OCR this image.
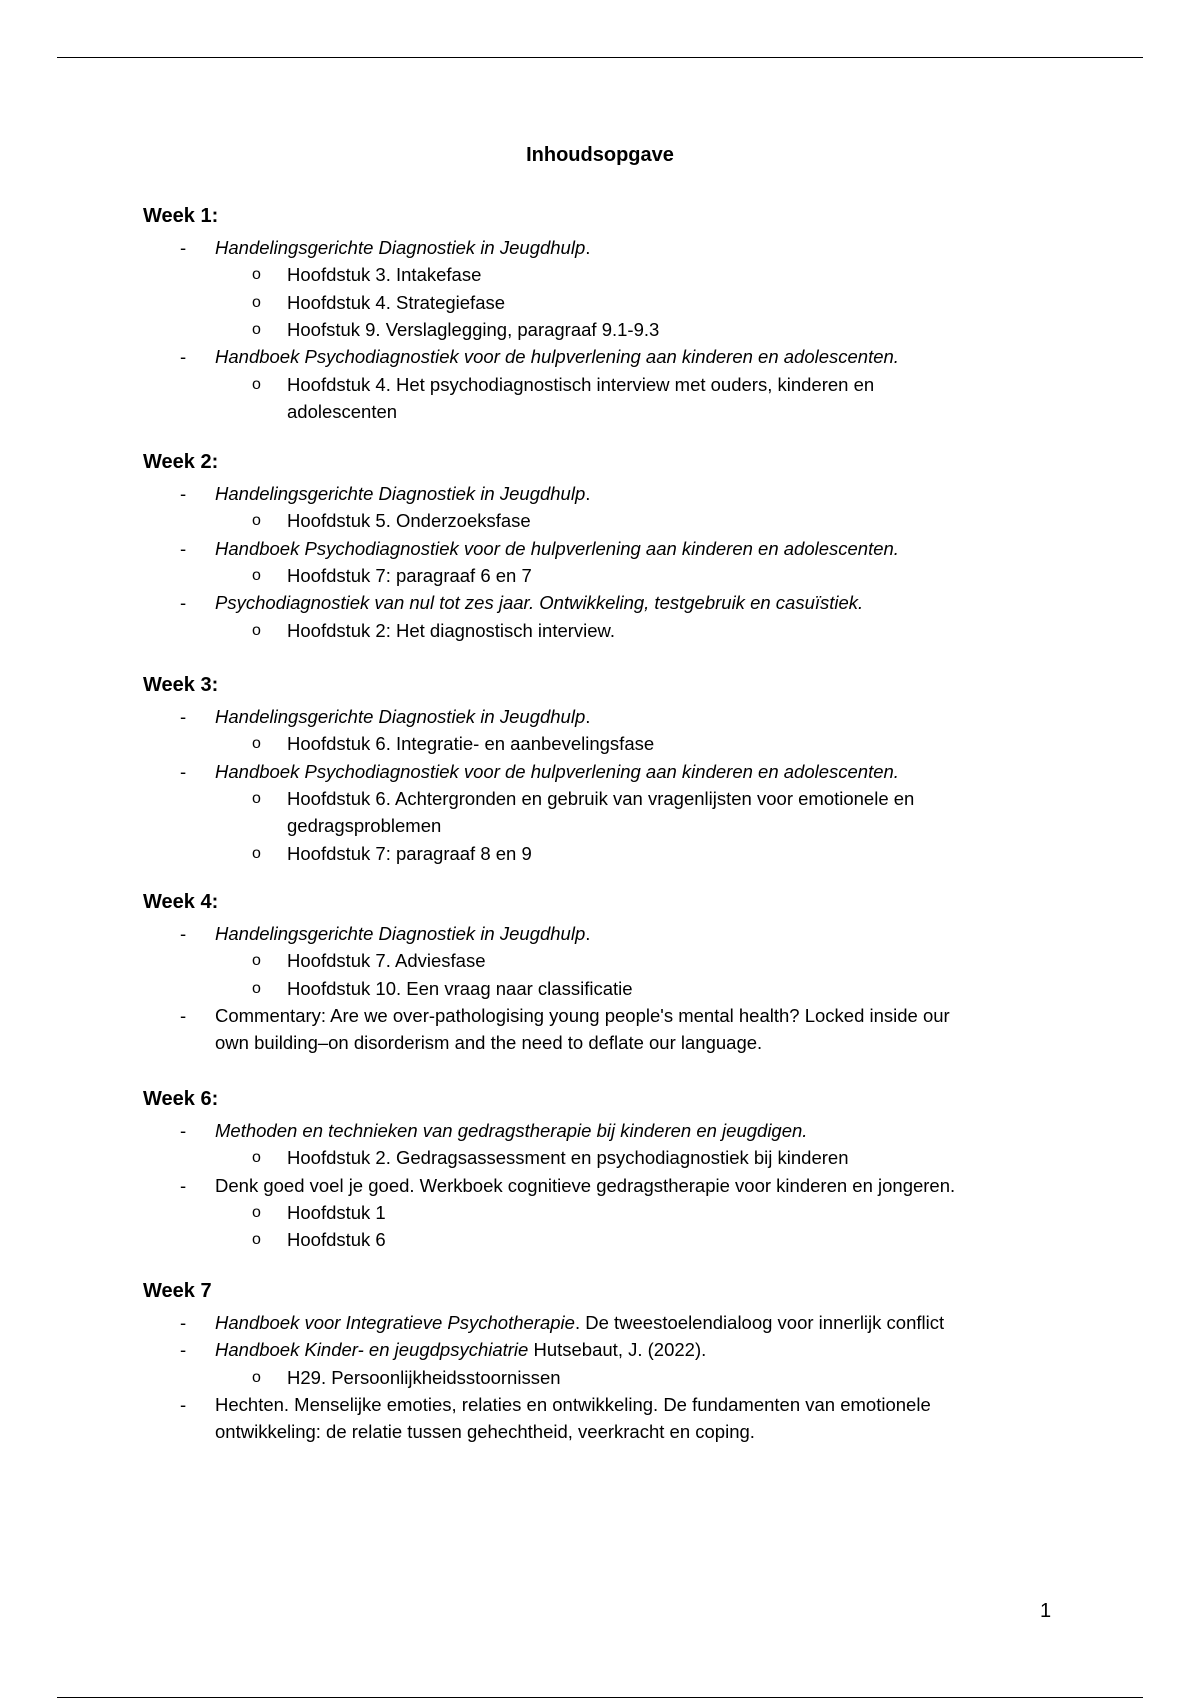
Inhoudsopgave
Week 1:
- Handelingsgerichte Diagnostiek in Jeugdhulp.
o Hoofdstuk 3. Intakefase
o Hoofdstuk 4. Strategiefase
o Hoofstuk 9. Verslaglegging, paragraaf 9.1-9.3
- Handboek Psychodiagnostiek voor de hulpverlening aan kinderen en adolescenten.
o Hoofdstuk 4. Het psychodiagnostisch interview met ouders, kinderen en
adolescenten
Week 2:
- Handelingsgerichte Diagnostiek in Jeugdhulp.
o Hoofdstuk 5. Onderzoeksfase
- Handboek Psychodiagnostiek voor de hulpverlening aan kinderen en adolescenten.
o Hoofdstuk 7: paragraaf 6 en 7
- Psychodiagnostiek van nul tot zes jaar. Ontwikkeling, testgebruik en casuïstiek.
o Hoofdstuk 2: Het diagnostisch interview.
Week 3:
- Handelingsgerichte Diagnostiek in Jeugdhulp.
o Hoofdstuk 6. Integratie- en aanbevelingsfase
- Handboek Psychodiagnostiek voor de hulpverlening aan kinderen en adolescenten.
o Hoofdstuk 6. Achtergronden en gebruik van vragenlijsten voor emotionele en
gedragsproblemen
o Hoofdstuk 7: paragraaf 8 en 9
Week 4:
- Handelingsgerichte Diagnostiek in Jeugdhulp.
o Hoofdstuk 7. Adviesfase
o Hoofdstuk 10. Een vraag naar classificatie
- Commentary: Are we over-pathologising young people's mental health? Locked inside our
own building–on disorderism and the need to deflate our language.
Week 6:
- Methoden en technieken van gedragstherapie bij kinderen en jeugdigen.
o Hoofdstuk 2. Gedragsassessment en psychodiagnostiek bij kinderen
- Denk goed voel je goed. Werkboek cognitieve gedragstherapie voor kinderen en jongeren.
o Hoofdstuk 1
o Hoofdstuk 6
Week 7
- Handboek voor Integratieve Psychotherapie. De tweestoelendialoog voor innerlijk conflict
- Handboek Kinder- en jeugdpsychiatrie Hutsebaut, J. (2022).
o H29. Persoonlijkheidsstoornissen
- Hechten. Menselijke emoties, relaties en ontwikkeling. De fundamenten van emotionele
ontwikkeling: de relatie tussen gehechtheid, veerkracht en coping.
1
